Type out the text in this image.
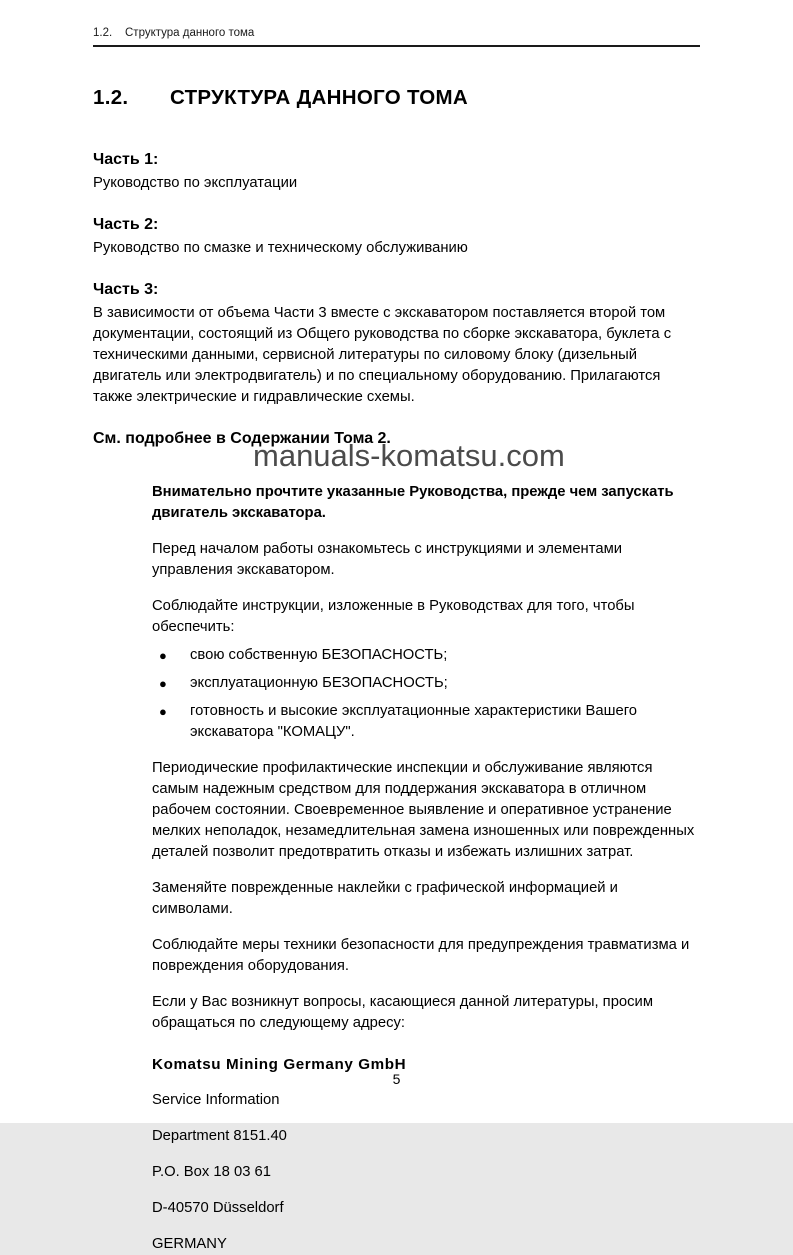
manuals-komatsu.com
1.2.	Структура данного тома
1.2.	СТРУКТУРА ДАННОГО ТОМА
Часть 1:

Руководство по эксплуатации

Часть 2:

Руководство по смазке и техническому обслуживанию

Часть 3:

В зависимости от объема Части 3 вместе с экскаватором поставляется второй том документации, состоящий из Общего руководства по сборке экскаватора, буклета с техническими данными, сервисной литературы по силовому блоку (дизельный двигатель или электродвигатель) и по специальному оборудованию. Прилагаются также электрические и гидравлические схемы.

См. подробнее в Содержании Тома 2.

Внимательно прочтите указанные Руководства, прежде чем запускать двигатель экскаватора.

Перед началом работы ознакомьтесь с инструкциями и элементами управления экскаватором.

Соблюдайте инструкции, изложенные в Руководствах для того, чтобы обеспечить:

● свою собственную БЕЗОПАСНОСТЬ;
● эксплуатационную БЕЗОПАСНОСТЬ;
● готовность и высокие эксплуатационные характеристики Вашего экскаватора "КОМАЦУ".

Периодические профилактические инспекции и обслуживание являются самым надежным средством для поддержания экскаватора в отличном рабочем состоянии. Своевременное выявление и оперативное устранение мелких неполадок, незамедлительная замена изношенных или поврежденных деталей позволит предотвратить отказы и избежать излишних затрат.

Заменяйте поврежденные наклейки с графической информацией и символами.

Соблюдайте меры техники безопасности для предупреждения травматизма и повреждения оборудования.

Если у Вас возникнут вопросы, касающиеся данной литературы, просим обращаться по следующему адресу:

Komatsu Mining Germany GmbH

Service Information

Department 8151.40

P.O. Box 18 03 61

D-40570 Düsseldorf

GERMANY

5
